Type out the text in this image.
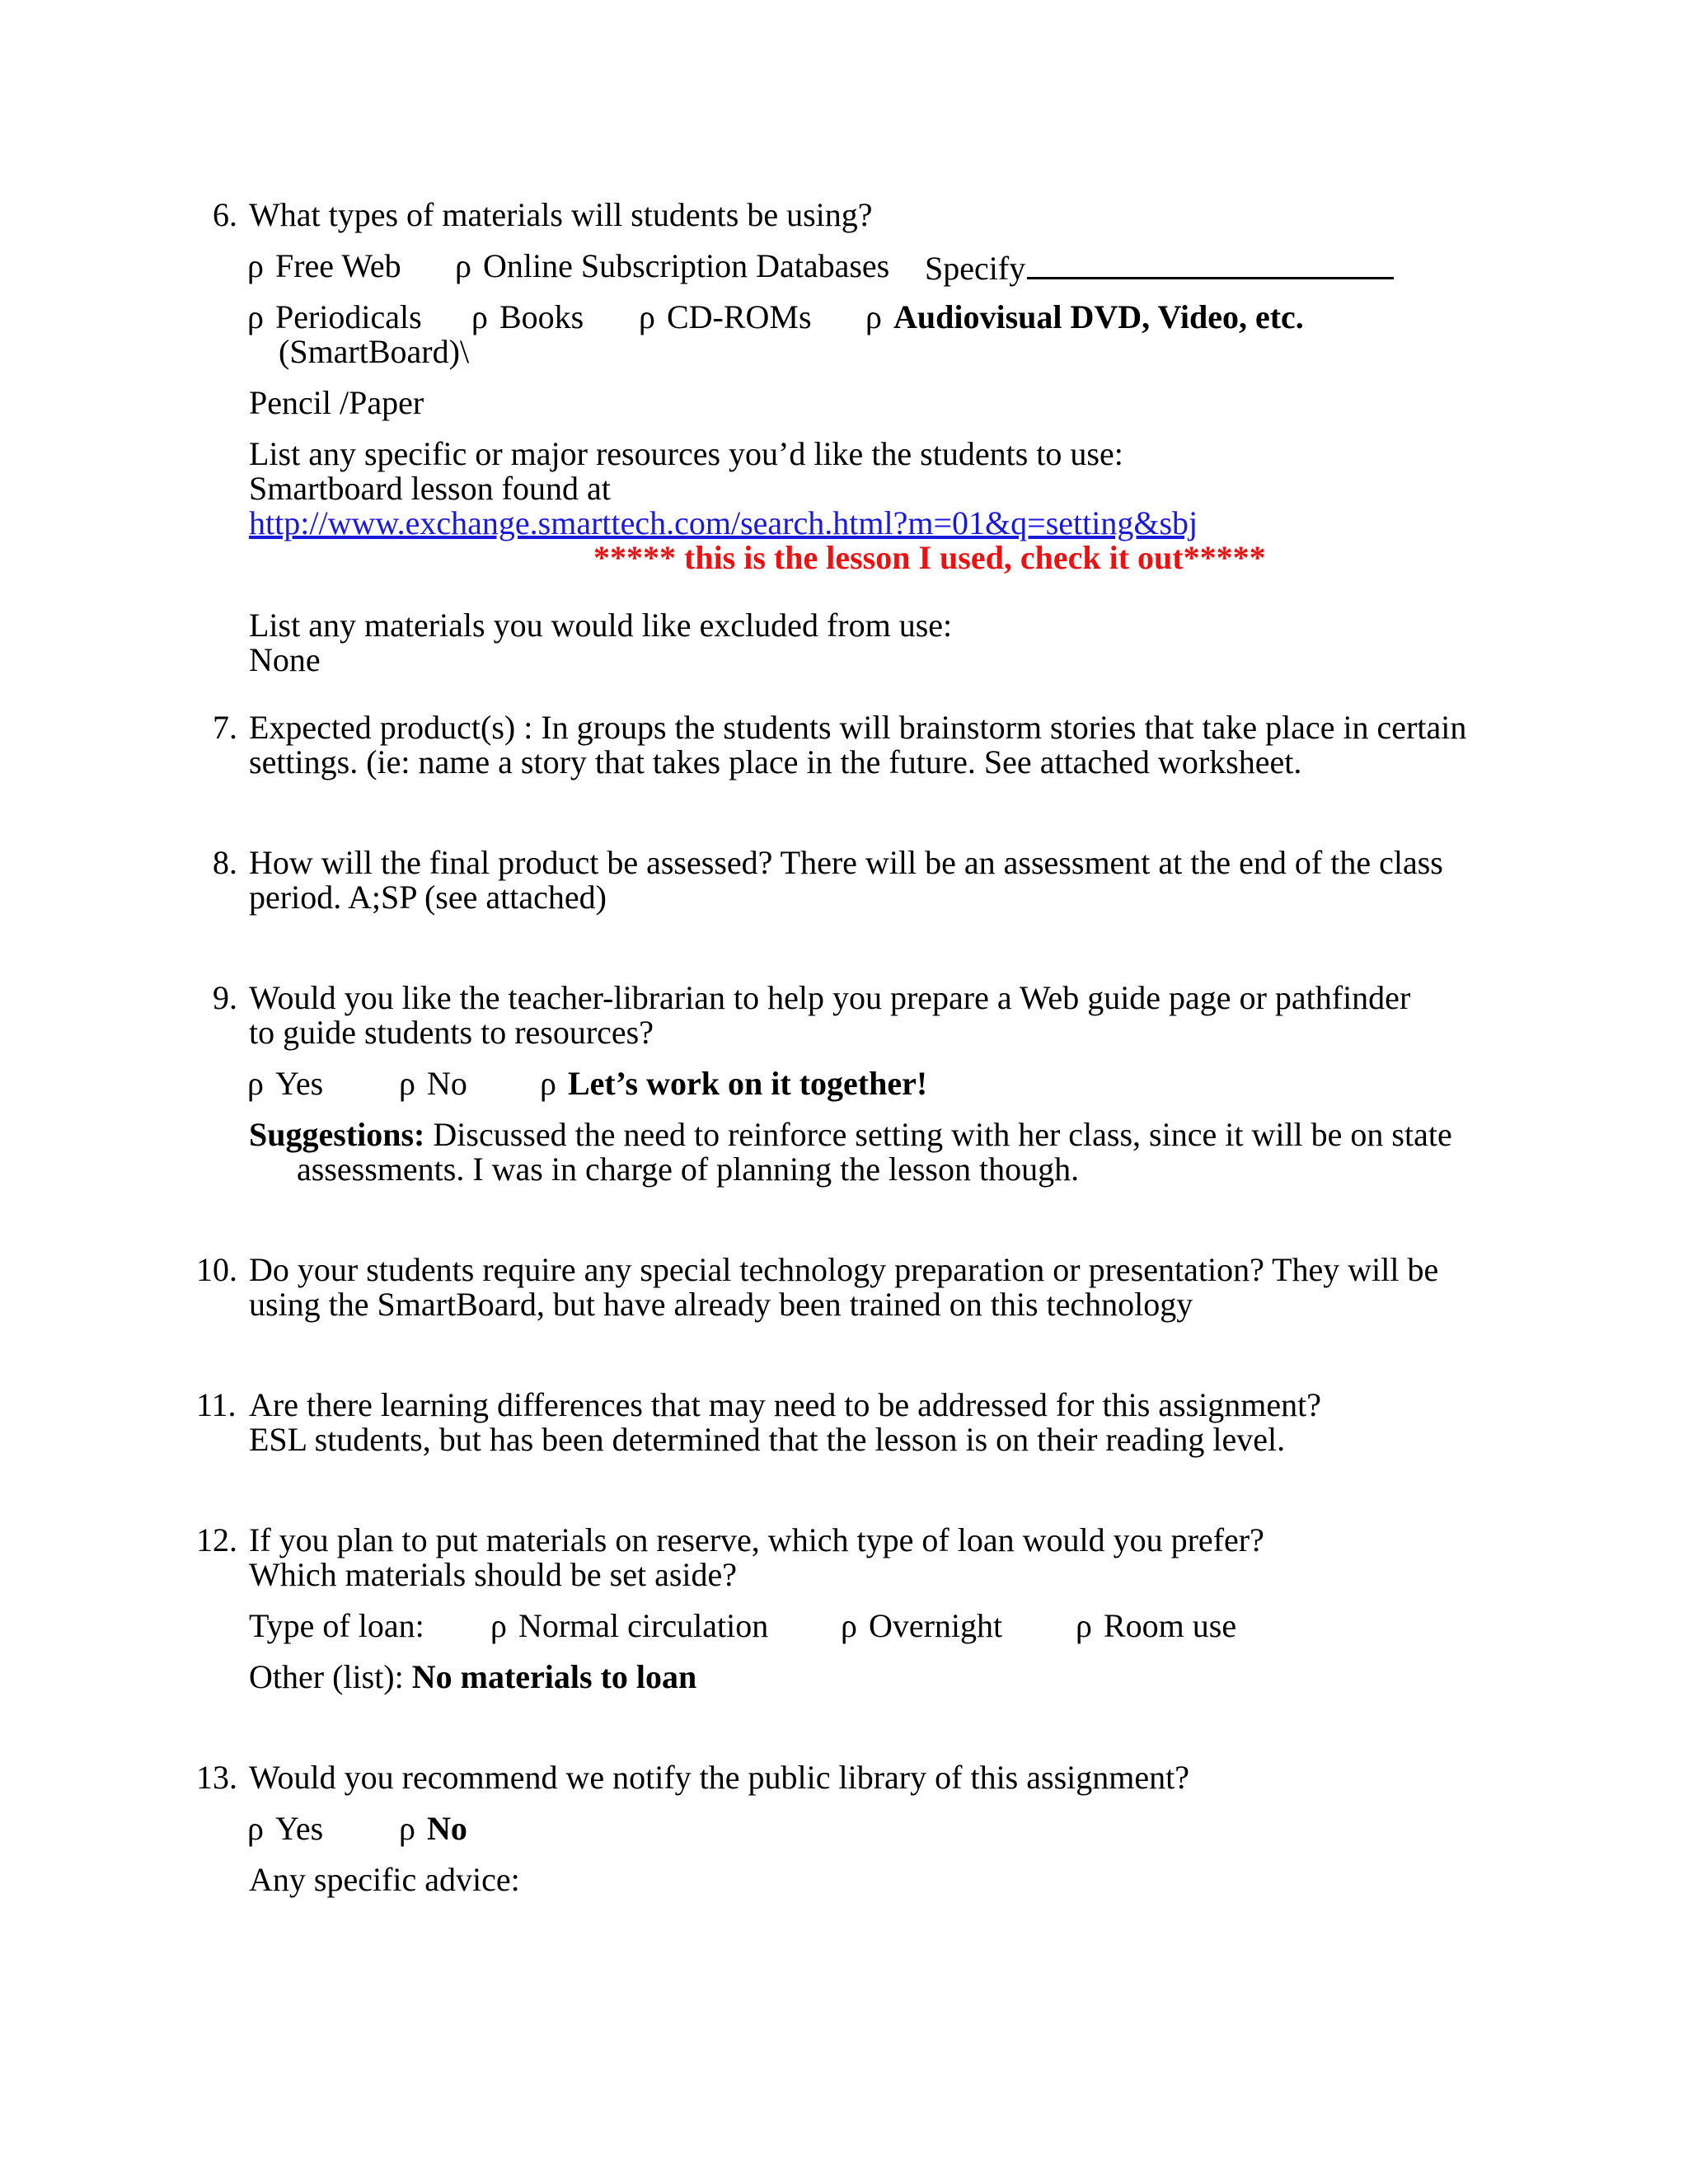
6. What types of materials will students be using?
ρ Free Web ρ Online Subscription Databases Specify
ρ Periodicals ρ Books ρ CD-ROMs ρ Audiovisual DVD, Video, etc.
(SmartBoard)\
Pencil /Paper
List any specific or major resources you’d like the students to use:
Smartboard lesson found at
http://www.exchange.smarttech.com/search.html?m=01&q=setting&sbj
***** this is the lesson I used, check it out*****
List any materials you would like excluded from use:
None
7. Expected product(s) : In groups the students will brainstorm stories that take place in certain
settings. (ie: name a story that takes place in the future. See attached worksheet.
8. How will the final product be assessed? There will be an assessment at the end of the class
period. A;SP (see attached)
9. Would you like the teacher-librarian to help you prepare a Web guide page or pathfinder
to guide students to resources?
ρ Yes ρ No ρ Let’s work on it together!
Suggestions: Discussed the need to reinforce setting with her class, since it will be on state
assessments. I was in charge of planning the lesson though.
10. Do your students require any special technology preparation or presentation? They will be
using the SmartBoard, but have already been trained on this technology
11. Are there learning differences that may need to be addressed for this assignment?
ESL students, but has been determined that the lesson is on their reading level.
12. If you plan to put materials on reserve, which type of loan would you prefer?
Which materials should be set aside?
Type of loan: ρ Normal circulation ρ Overnight ρ Room use
Other (list): No materials to loan
13. Would you recommend we notify the public library of this assignment?
ρ Yes ρ No
Any specific advice:
